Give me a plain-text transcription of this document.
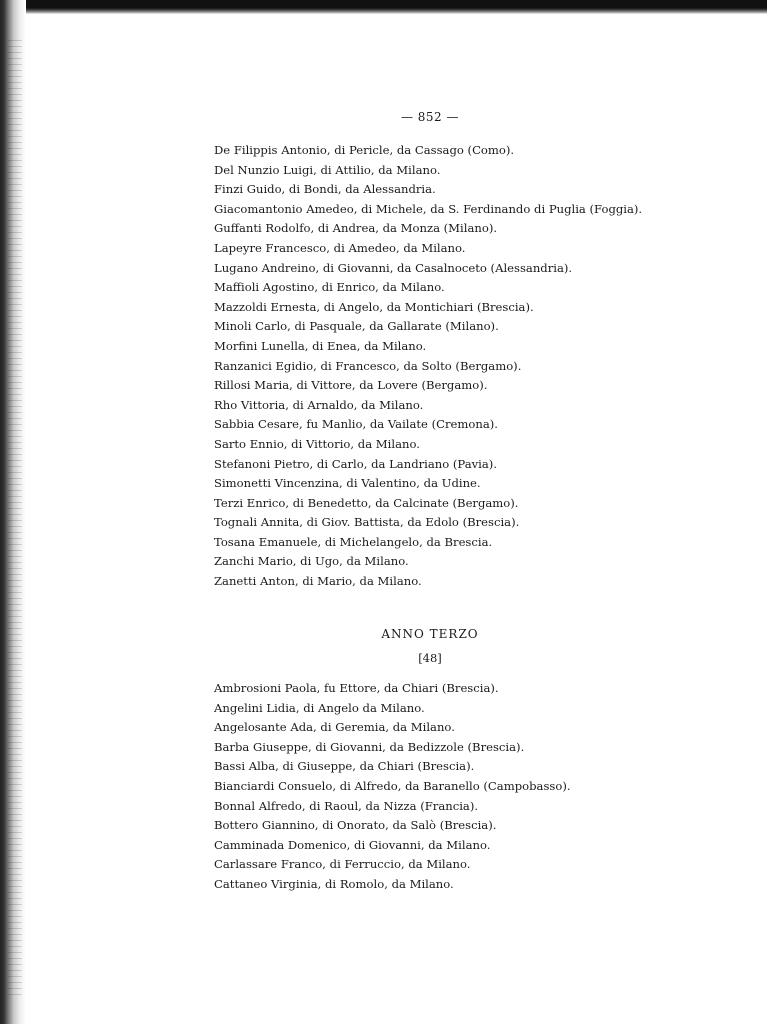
— 852 —
De Filippis Antonio, di Pericle, da Cassago (Como).
Del Nunzio Luigi, di Attilio, da Milano.
Finzi Guido, di Bondi, da Alessandria.
Giacomantonio Amedeo, di Michele, da S. Ferdinando di Puglia (Foggia).
Guffanti Rodolfo, di Andrea, da Monza (Milano).
Lapeyre Francesco, di Amedeo, da Milano.
Lugano Andreino, di Giovanni, da Casalnoceto (Alessandria).
Maffioli Agostino, di Enrico, da Milano.
Mazzoldi Ernesta, di Angelo, da Montichiari (Brescia).
Minoli Carlo, di Pasquale, da Gallarate (Milano).
Morfini Lunella, di Enea, da Milano.
Ranzanici Egidio, di Francesco, da Solto (Bergamo).
Rillosi Maria, di Vittore, da Lovere (Bergamo).
Rho Vittoria, di Arnaldo, da Milano.
Sabbia Cesare, fu Manlio, da Vailate (Cremona).
Sarto Ennio, di Vittorio, da Milano.
Stefanoni Pietro, di Carlo, da Landriano (Pavia).
Simonetti Vincenzina, di Valentino, da Udine.
Terzi Enrico, di Benedetto, da Calcinate (Bergamo).
Tognali Annita, di Giov. Battista, da Edolo (Brescia).
Tosana Emanuele, di Michelangelo, da Brescia.
Zanchi Mario, di Ugo, da Milano.
Zanetti Anton, di Mario, da Milano.
ANNO TERZO
[48]
Ambrosioni Paola, fu Ettore, da Chiari (Brescia).
Angelini Lidia, di Angelo da Milano.
Angelosante Ada, di Geremia, da Milano.
Barba Giuseppe, di Giovanni, da Bedizzole (Brescia).
Bassi Alba, di Giuseppe, da Chiari (Brescia).
Bianciardi Consuelo, di Alfredo, da Baranello (Campobasso).
Bonnal Alfredo, di Raoul, da Nizza (Francia).
Bottero Giannino, di Onorato, da Salò (Brescia).
Camminada Domenico, di Giovanni, da Milano.
Carlassare Franco, di Ferruccio, da Milano.
Cattaneo Virginia, di Romolo, da Milano.
